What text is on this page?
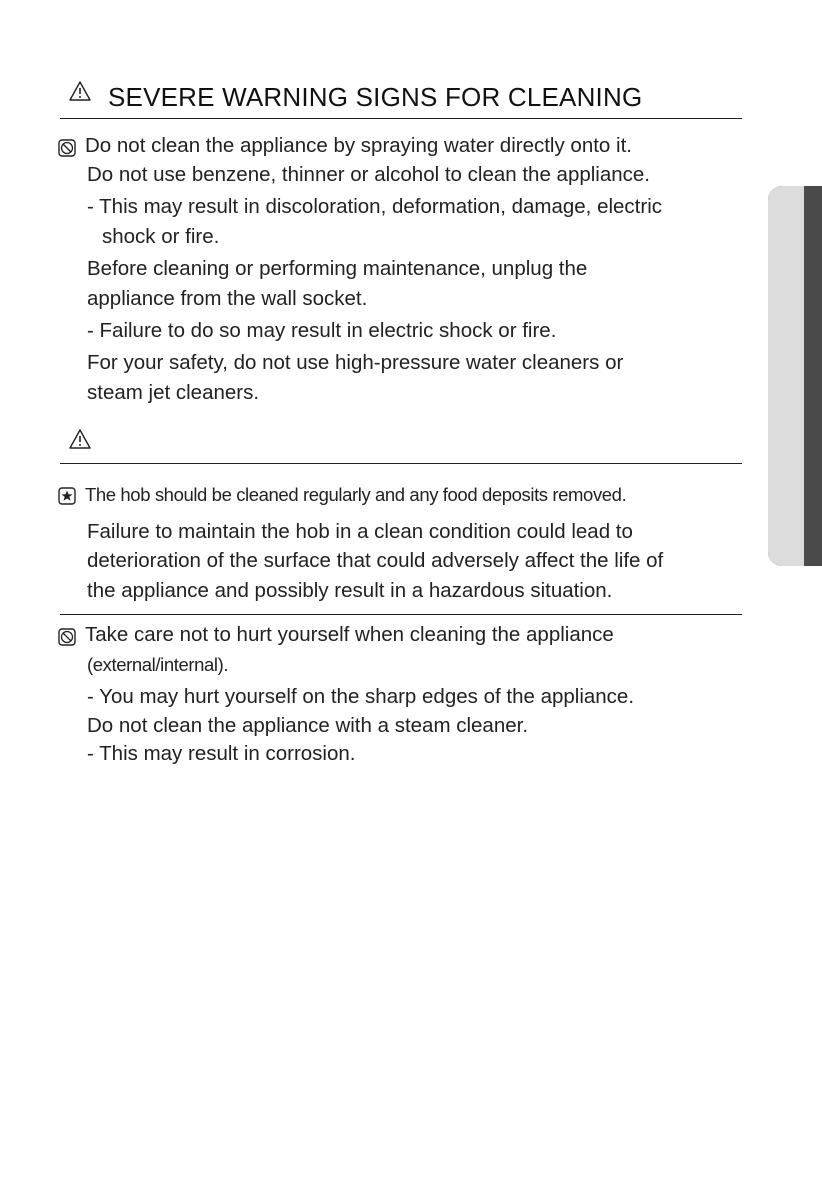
SEVERE WARNING SIGNS FOR CLEANING
Do not clean the appliance by spraying water directly onto it.
Do not use benzene, thinner or alcohol to clean the appliance.
- This may result in discoloration, deformation, damage, electric
shock or fire.
Before cleaning or performing maintenance, unplug the
appliance from the wall socket.
- Failure to do so may result in electric shock or fire.
For your safety, do not use high-pressure water cleaners or
steam jet cleaners.
The hob should be cleaned regularly and any food deposits removed.
Failure to maintain the hob in a clean condition could lead to
deterioration of the surface that could adversely affect the life of
the appliance and possibly result in a hazardous situation.
Take care not to hurt yourself when cleaning the appliance
(external/internal).
- You may hurt yourself on the sharp edges of the appliance.
Do not clean the appliance with a steam cleaner.
- This may result in corrosion.
